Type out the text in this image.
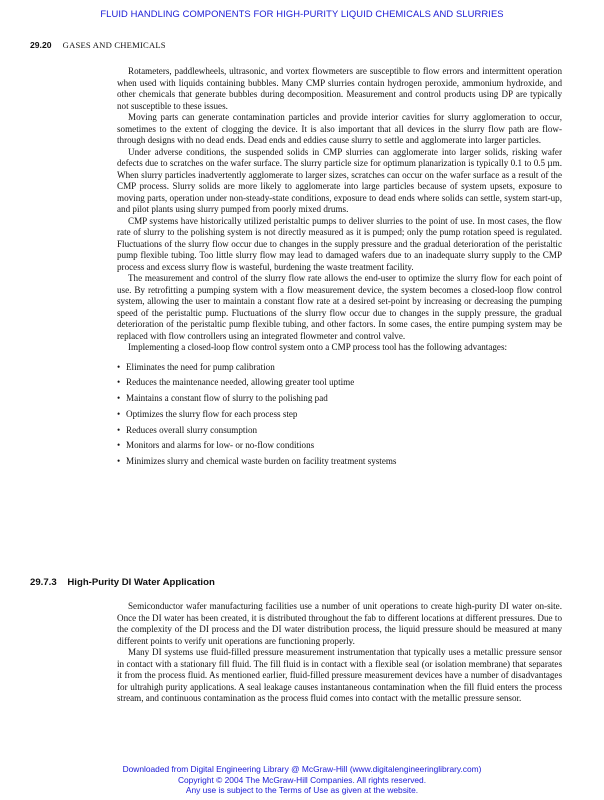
FLUID HANDLING COMPONENTS FOR HIGH-PURITY LIQUID CHEMICALS AND SLURRIES
29.20 GASES AND CHEMICALS

Rotameters, paddlewheels, ultrasonic, and vortex flowmeters are susceptible to flow errors and intermittent operation when used with liquids containing bubbles. Many CMP slurries contain hydrogen peroxide, ammonium hydroxide, and other chemicals that generate bubbles during decomposition. Measurement and control products using DP are typically not susceptible to these issues.

Moving parts can generate contamination particles and provide interior cavities for slurry agglomeration to occur, sometimes to the extent of clogging the device. It is also important that all devices in the slurry flow path are flow-through designs with no dead ends. Dead ends and eddies cause slurry to settle and agglomerate into larger particles.

Under adverse conditions, the suspended solids in CMP slurries can agglomerate into larger solids, risking wafer defects due to scratches on the wafer surface. The slurry particle size for optimum planarization is typically 0.1 to 0.5 µm. When slurry particles inadvertently agglomerate to larger sizes, scratches can occur on the wafer surface as a result of the CMP process. Slurry solids are more likely to agglomerate into large particles because of system upsets, exposure to moving parts, operation under non-steady-state conditions, exposure to dead ends where solids can settle, system start-up, and pilot plants using slurry pumped from poorly mixed drums.

CMP systems have historically utilized peristaltic pumps to deliver slurries to the point of use. In most cases, the flow rate of slurry to the polishing system is not directly measured as it is pumped; only the pump rotation speed is regulated. Fluctuations of the slurry flow occur due to changes in the supply pressure and the gradual deterioration of the peristaltic pump flexible tubing. Too little slurry flow may lead to damaged wafers due to an inadequate slurry supply to the CMP process and excess slurry flow is wasteful, burdening the waste treatment facility.

The measurement and control of the slurry flow rate allows the end-user to optimize the slurry flow for each point of use. By retrofitting a pumping system with a flow measurement device, the system becomes a closed-loop flow control system, allowing the user to maintain a constant flow rate at a desired set-point by increasing or decreasing the pumping speed of the peristaltic pump. Fluctuations of the slurry flow occur due to changes in the supply pressure, the gradual deterioration of the peristaltic pump flexible tubing, and other factors. In some cases, the entire pumping system may be replaced with flow controllers using an integrated flowmeter and control valve.

Implementing a closed-loop flow control system onto a CMP process tool has the following advantages:

• Eliminates the need for pump calibration
• Reduces the maintenance needed, allowing greater tool uptime
• Maintains a constant flow of slurry to the polishing pad
• Optimizes the slurry flow for each process step
• Reduces overall slurry consumption
• Monitors and alarms for low- or no-flow conditions
• Minimizes slurry and chemical waste burden on facility treatment systems
29.7.3 High-Purity DI Water Application

Semiconductor wafer manufacturing facilities use a number of unit operations to create high-purity DI water on-site. Once the DI water has been created, it is distributed throughout the fab to different locations at different pressures. Due to the complexity of the DI process and the DI water distribution process, the liquid pressure should be measured at many different points to verify unit operations are functioning properly.

Many DI systems use fluid-filled pressure measurement instrumentation that typically uses a metallic pressure sensor in contact with a stationary fill fluid. The fill fluid is in contact with a flexible seal (or isolation membrane) that separates it from the process fluid. As mentioned earlier, fluid-filled pressure measurement devices have a number of disadvantages for ultrahigh purity applications. A seal leakage causes instantaneous contamination when the fill fluid enters the process stream, and continuous contamination as the process fluid comes into contact with the metallic pressure sensor.

Downloaded from Digital Engineering Library @ McGraw-Hill (www.digitalengineeringlibrary.com)
Copyright © 2004 The McGraw-Hill Companies. All rights reserved.
Any use is subject to the Terms of Use as given at the website.
